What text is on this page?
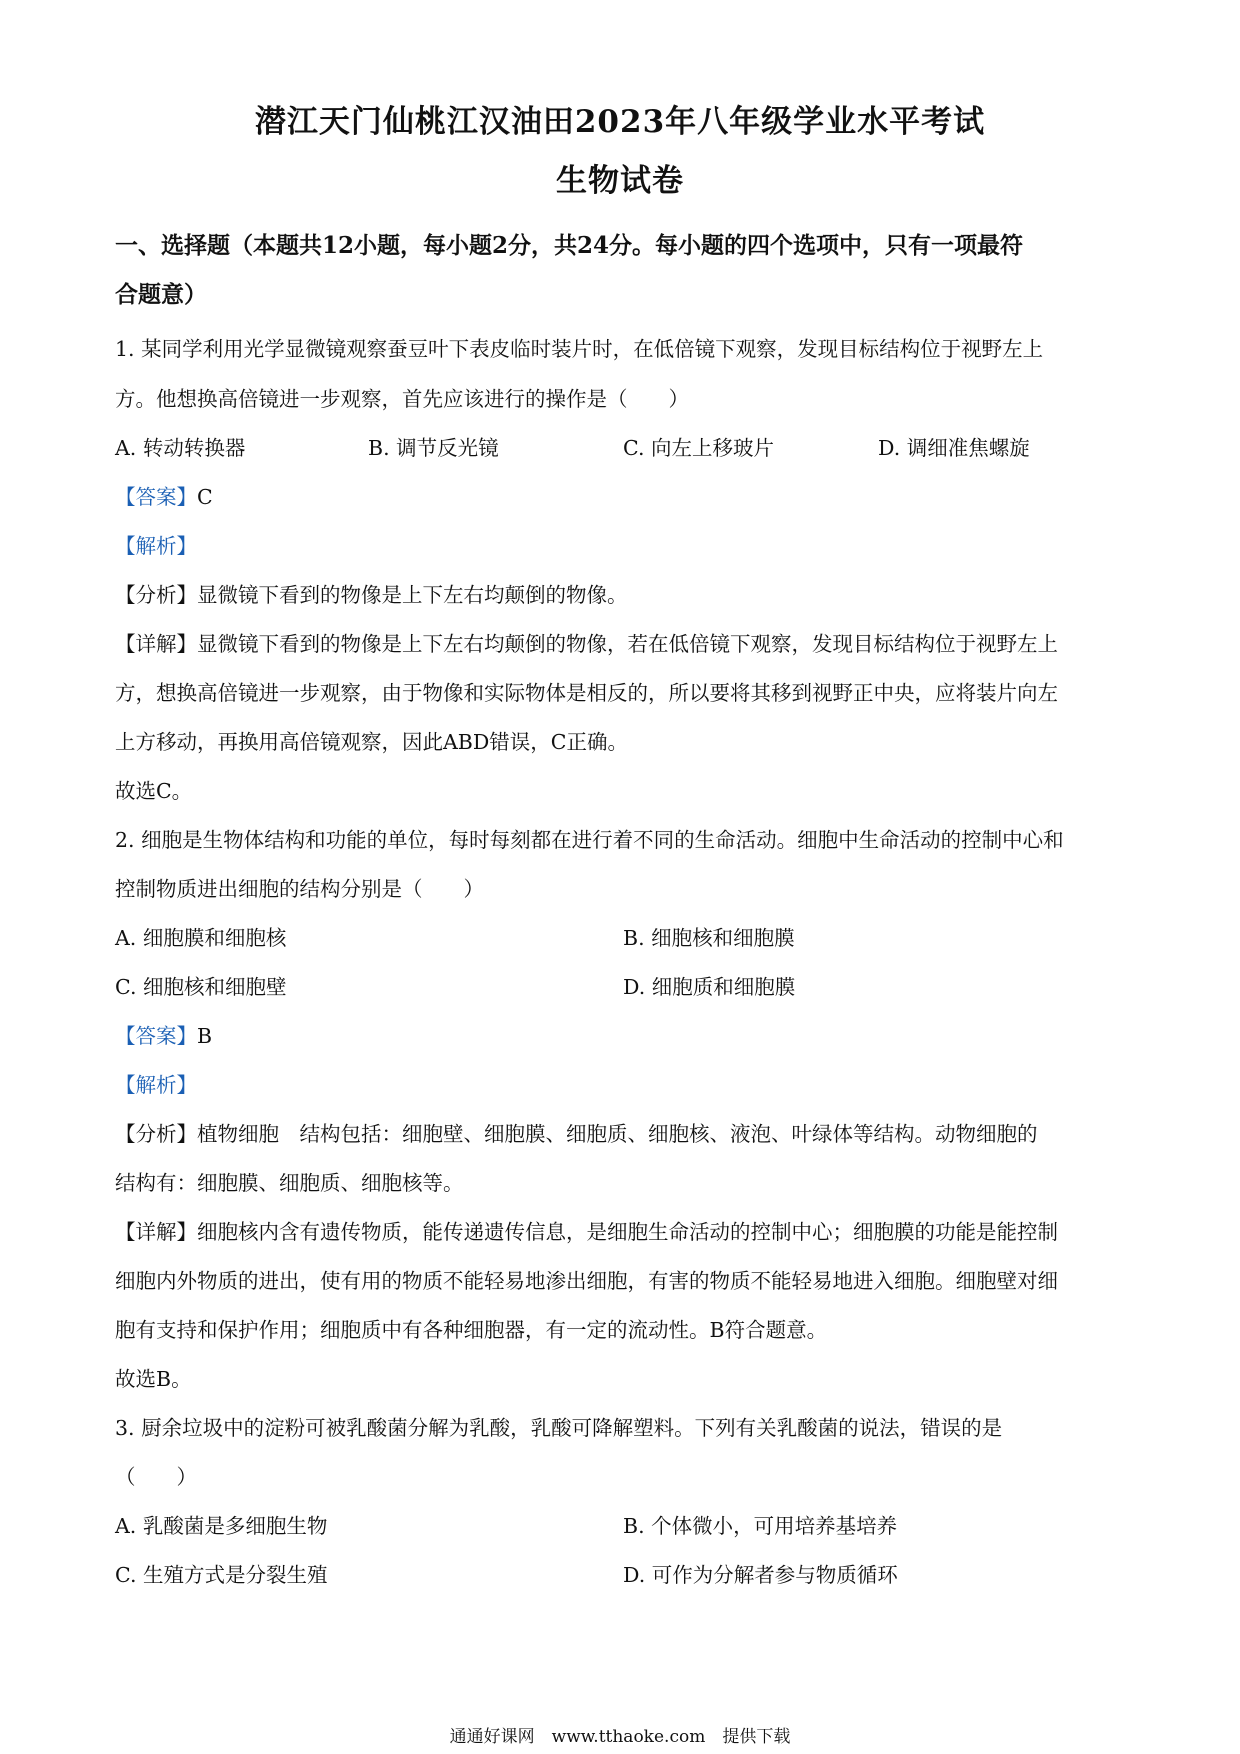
潜江天门仙桃江汉油田2023年八年级学业水平考试
生物试卷
一、选择题（本题共12小题，每小题2分，共24分。每小题的四个选项中，只有一项最符
合题意）
1. 某同学利用光学显微镜观察蚕豆叶下表皮临时装片时，在低倍镜下观察，发现目标结构位于视野左上
方。他想换高倍镜进一步观察，首先应该进行的操作是（　　）
A. 转动转换器	B. 调节反光镜	C. 向左上移玻片	D. 调细准焦螺旋
【答案】C
【解析】
【分析】显微镜下看到的物像是上下左右均颠倒的物像。
【详解】显微镜下看到的物像是上下左右均颠倒的物像，若在低倍镜下观察，发现目标结构位于视野左上
方，想换高倍镜进一步观察，由于物像和实际物体是相反的，所以要将其移到视野正中央，应将装片向左
上方移动，再换用高倍镜观察，因此ABD错误，C正确。
故选C。
2. 细胞是生物体结构和功能的单位，每时每刻都在进行着不同的生命活动。细胞中生命活动的控制中心和
控制物质进出细胞的结构分别是（　　）
A. 细胞膜和细胞核	B. 细胞核和细胞膜
C. 细胞核和细胞壁	D. 细胞质和细胞膜
【答案】B
【解析】
【分析】植物细胞　结构包括：细胞壁、细胞膜、细胞质、细胞核、液泡、叶绿体等结构。动物细胞的
结构有：细胞膜、细胞质、细胞核等。
【详解】细胞核内含有遗传物质，能传递遗传信息，是细胞生命活动的控制中心；细胞膜的功能是能控制
细胞内外物质的进出，使有用的物质不能轻易地渗出细胞，有害的物质不能轻易地进入细胞。细胞壁对细
胞有支持和保护作用；细胞质中有各种细胞器，有一定的流动性。B符合题意。
故选B。
3. 厨余垃圾中的淀粉可被乳酸菌分解为乳酸，乳酸可降解塑料。下列有关乳酸菌的说法，错误的是
（　　）
A. 乳酸菌是多细胞生物	B. 个体微小，可用培养基培养
C. 生殖方式是分裂生殖	D. 可作为分解者参与物质循环
通通好课网　www.tthaoke.com　提供下载
